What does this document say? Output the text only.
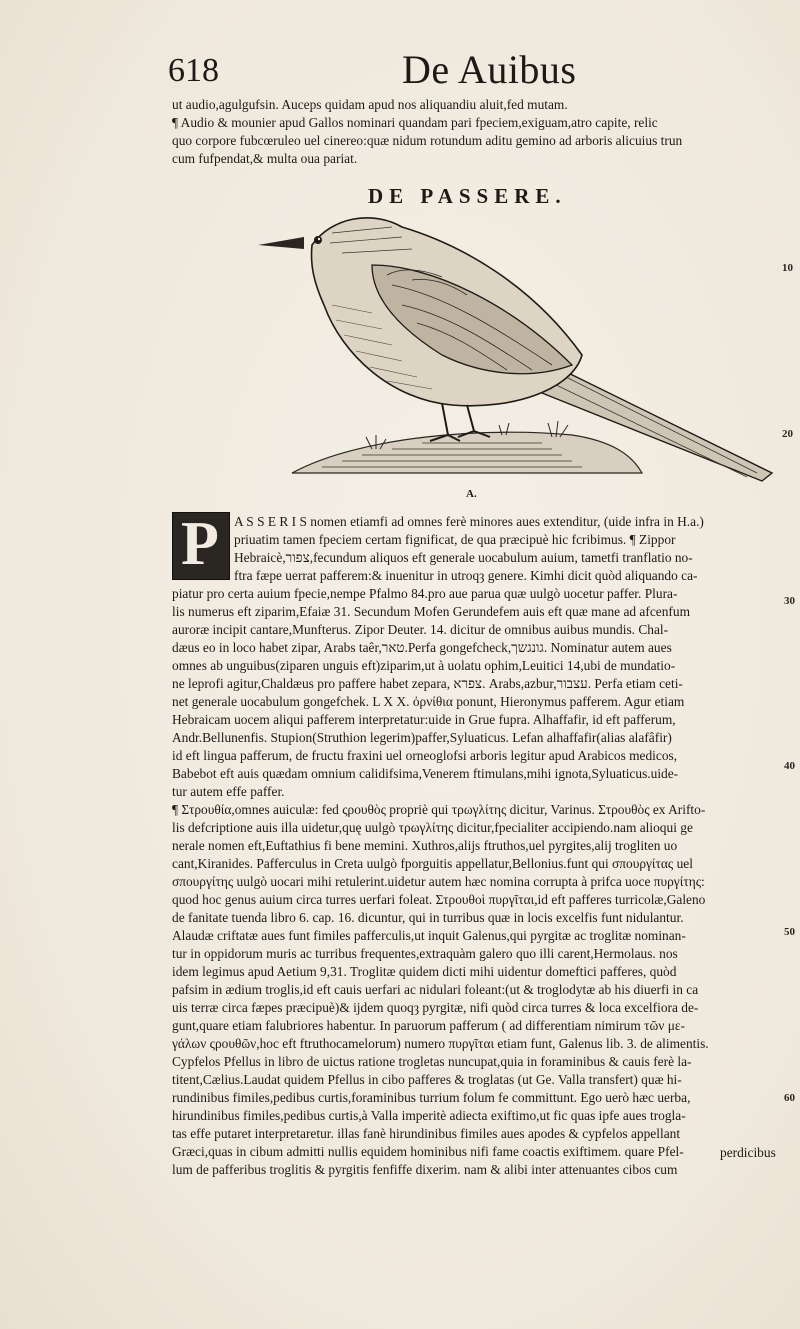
618	De Auibus

ut audio,agulgufsin. Auceps quidam apud nos aliquandiu aluit,fed mutam.
¶ Audio & mounier apud Gallos nominari quandam pari fpeciem,exiguam,atro capite, relic
quo corpore fubcœruleo uel cinereo:quæ nidum rotundum aditu gemino ad arboris alicuius trun
cum fufpendat,& multa oua pariat.

DE PASSERE.
A.
P	A S S E R I S nomen etiamfi ad omnes ferè minores aues extenditur, (uide infra in H.a.)
priuatim tamen fpeciem certam fignificat, de qua præcipuè hic fcribimus. ¶ Zippor
Hebraicè,צפור,fecundum aliquos eft generale uocabulum auium, tametfi tranflatio no-
ftra fæpe uerrat pafferem:& inuenitur in utroqȝ genere. Kimhi dicit quòd aliquando ca-
piatur pro certa auium fpecie,nempe Pfalmo 84.pro aue parua quæ uulgò uocetur paffer. Plura-
lis numerus eft ziparim,Efaiæ 31. Secundum Mofen Gerundefem auis eft quæ mane ad afcenfum
auroræ incipit cantare,Munfterus. Zipor Deuter. 14. dicitur de omnibus auibus mundis. Chal-
dæus eo in loco habet zipar, Arabs taêr,טאר.Perfa gongefcheck,גונגשך. Nominatur autem aues
omnes ab unguibus(ziparen unguis eft)ziparim,ut à uolatu ophim,Leuitici 14,ubi de mundatio-
ne leprofi agitur,Chaldæus pro paffere habet zepara, צפרא. Arabs,azbur,עצבור. Perfa etiam ceti-
net generale uocabulum gongefchek. L X X. ὀρνίθια ponunt, Hieronymus pafferem. Agur etiam
Hebraicam uocem aliqui pafferem interpretatur:uide in Grue fupra. Alhaffafir, id eft pafferum,
Andr.Bellunenfis. Stupion(Struthion legerim)paffer,Syluaticus. Lefan alhaffafir(alias alafâfir)
id eft lingua pafferum, de fructu fraxini uel orneoglofsi arboris legitur apud Arabicos medicos,
Babebot eft auis quædam omnium calidifsima,Venerem ftimulans,mihi ignota,Syluaticus.uide-
tur autem effe paffer.
¶ Στρουθία,omnes auiculæ: fed ςρουθὸς propriè qui τρωγλίτης dicitur, Varinus. Στρουθὸς ex Arifto-
lis defcriptione auis illa uidetur,quę uulgò τρωγλίτης dicitur,fpecialiter accipiendo.nam alioqui ge
nerale nomen eft,Euftathius fi bene memini. Xuthros,alijs ftruthos,uel pyrgites,alij trogliten uo
cant,Kiranides. Pafferculus in Creta uulgò fporguitis appellatur,Bellonius.funt qui σπουργίτας uel
σπουργίτης uulgò uocari mihi retulerint.uidetur autem hæc nomina corrupta à prifca uoce πυργίτης:
quod hoc genus auium circa turres uerfari foleat. Στρουθοὶ πυργῖται,id eft pafferes turricolæ,Galeno
de fanitate tuenda libro 6. cap. 16. dicuntur, qui in turribus quæ in locis excelfis funt nidulantur.
Alaudæ criftatæ aues funt fimiles pafferculis,ut inquit Galenus,qui pyrgitæ ac troglitæ nominan-
tur in oppidorum muris ac turribus frequentes,extraquàm galero quo illi carent,Hermolaus. nos
idem legimus apud Aetium 9,31. Troglitæ quidem dicti mihi uidentur domeftici pafferes, quòd
pafsim in ædium troglis,id eft cauis uerfari ac nidulari foleant:(ut & troglodytæ ab his diuerfi in ca
uis terræ circa fæpes præcipuè)& ijdem quoqȝ pyrgitæ, nifi quòd circa turres & loca excelfiora de-
gunt,quare etiam falubriores habentur. In paruorum pafferum ( ad differentiam nimirum τῶν με-
γάλων ςρουθῶν,hoc eft ftruthocamelorum) numero πυργῖται etiam funt, Galenus lib. 3. de alimentis.
Cypfelos Pfellus in libro de uictus ratione trogletas nuncupat,quia in foraminibus & cauis ferè la-
titent,Cælius.Laudat quidem Pfellus in cibo pafferes & troglatas (ut Ge. Valla transfert) quæ hi-
rundinibus fimiles,pedibus curtis,foraminibus turrium folum fe committunt. Ego uerò hæc uerba,
hirundinibus fimiles,pedibus curtis,à Valla imperitè adiecta exiftimo,ut fic quas ipfe aues trogla-
tas effe putaret interpretaretur. illas fanè hirundinibus fimiles aues apodes & cypfelos appellant
Græci,quas in cibum admitti nullis equidem hominibus nifi fame coactis exiftimem. quare Pfel-
lum de pafferibus troglitis & pyrgitis fenfiffe dixerim. nam & alibi inter attenuantes cibos cum

perdicibus
10
20
30
40
50
60
